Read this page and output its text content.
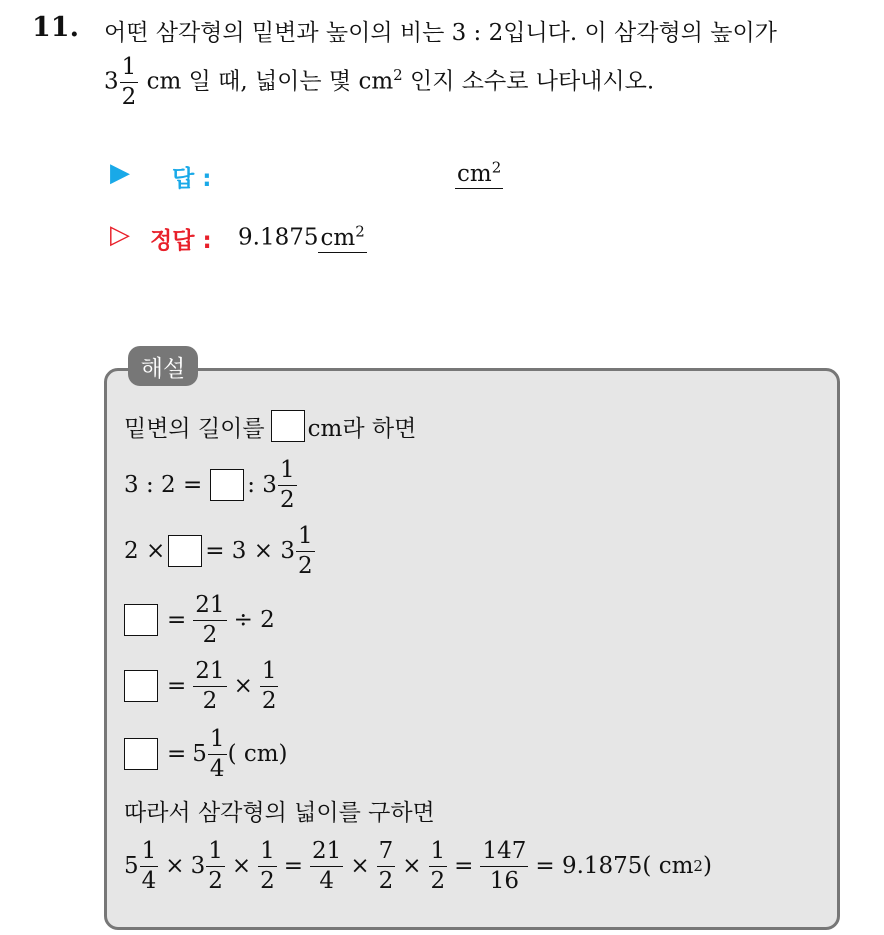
11. 어떤 삼각형의 밑변과 높이의 비는 3 : 2입니다. 이 삼각형의 높이가
$3 \frac{1}{2}$ cm 일 때, 넓이는 몇 $cm^2$ 인지 소수로 나타내시오.
▶ 답 :	$cm^2$
▷ 정답 : $9.1875cm^2$
해설
밑변의 길이를 cm라 하면
3 : 2 = : $3 \frac{1}{2}$
2 × = $3 \times 3 \frac{1}{2}$
= $\frac{21}{2} \div 2$
= $\frac{21}{2} \times \frac{1}{2}$
= $5 \frac{1}{4}$ ( cm)
따라서 삼각형의 넓이를 구하면
$5 \frac{1}{4} \times 3 \frac{1}{2} \times \frac{1}{2} = \frac{21}{4} \times \frac{7}{2} \times \frac{1}{2} = \frac{147}{16} = 9.1875$( cm 2 )
